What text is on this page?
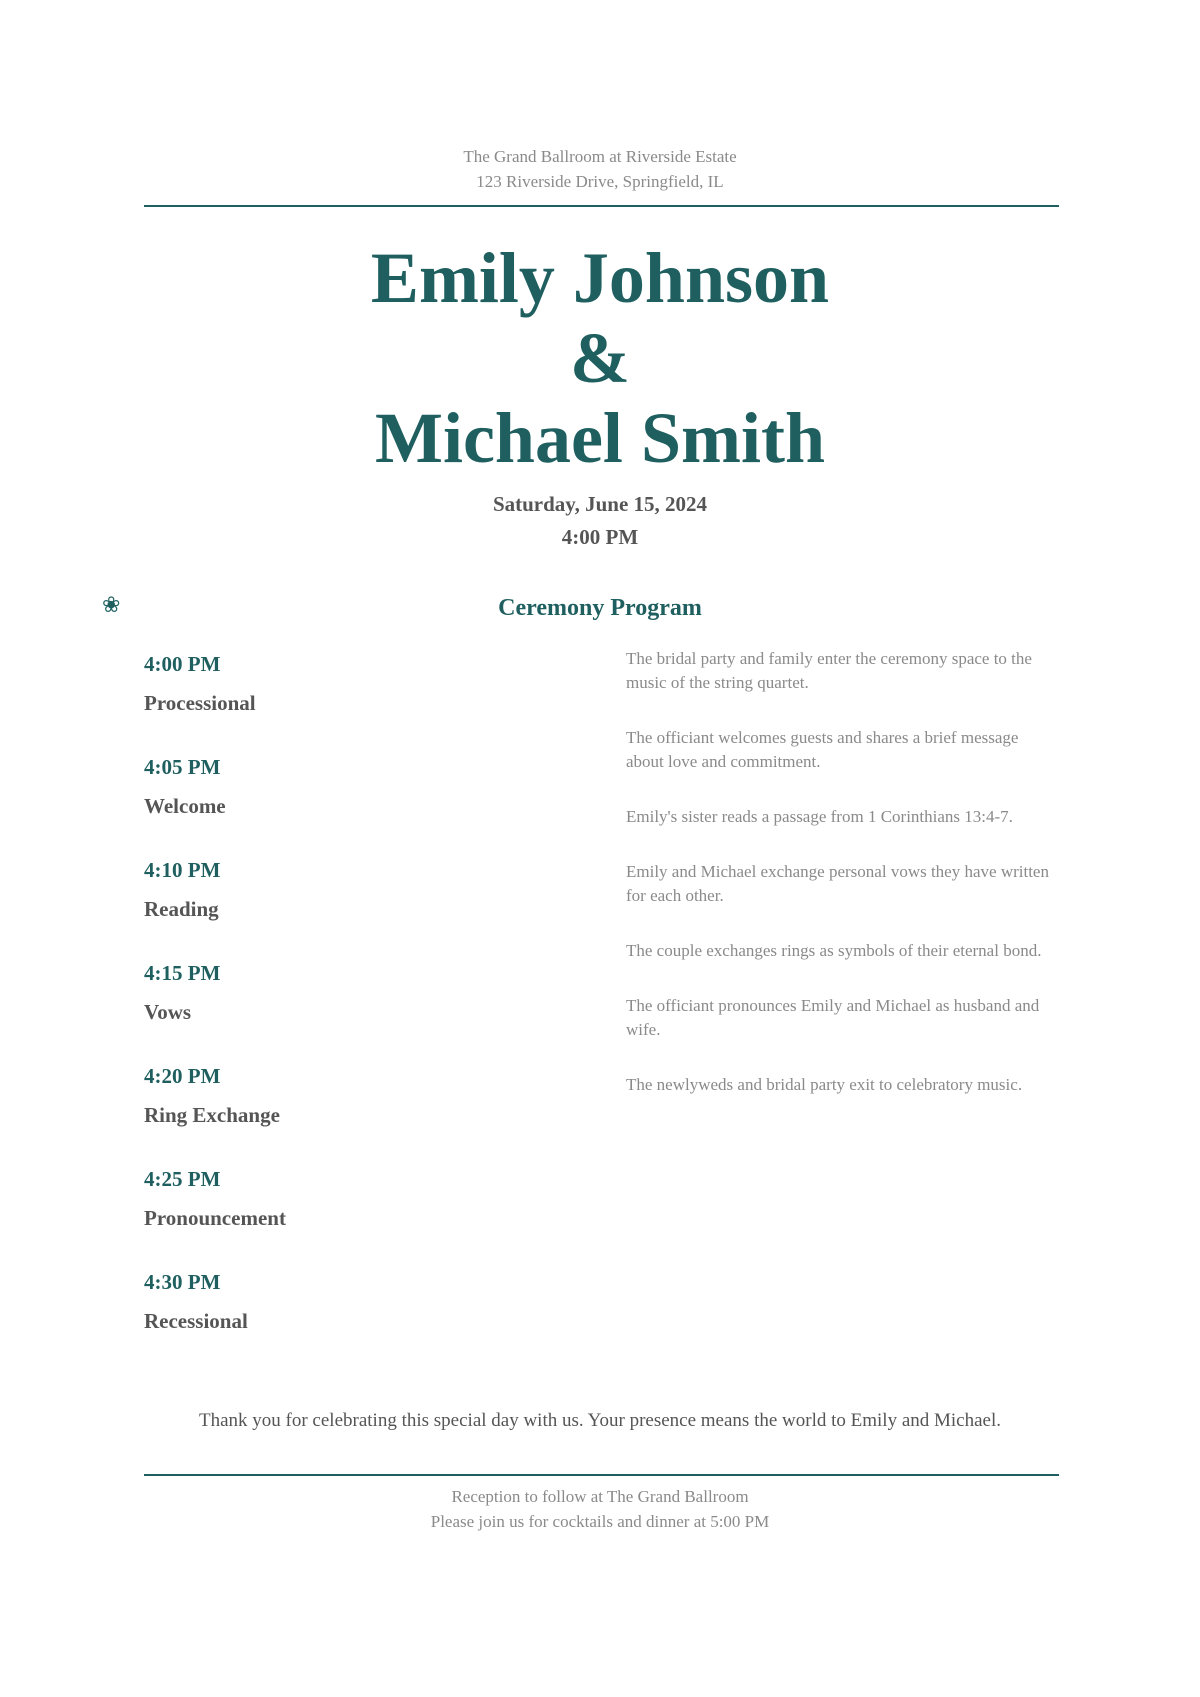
The Grand Ballroom at Riverside Estate
123 Riverside Drive, Springfield, IL
Emily Johnson
&
Michael Smith
Saturday, June 15, 2024
4:00 PM
❀	Ceremony Program
4:00 PM
Processional
4:05 PM
Welcome
4:10 PM
Reading
4:15 PM
Vows
4:20 PM
Ring Exchange
4:25 PM
Pronouncement
4:30 PM
Recessional
The bridal party and family enter the ceremony space to the music of the string quartet.
The officiant welcomes guests and shares a brief message about love and commitment.
Emily's sister reads a passage from 1 Corinthians 13:4-7.
Emily and Michael exchange personal vows they have written for each other.
The couple exchanges rings as symbols of their eternal bond.
The officiant pronounces Emily and Michael as husband and wife.
The newlyweds and bridal party exit to celebratory music.
Thank you for celebrating this special day with us. Your presence means the world to Emily and Michael.
Reception to follow at The Grand Ballroom
Please join us for cocktails and dinner at 5:00 PM
